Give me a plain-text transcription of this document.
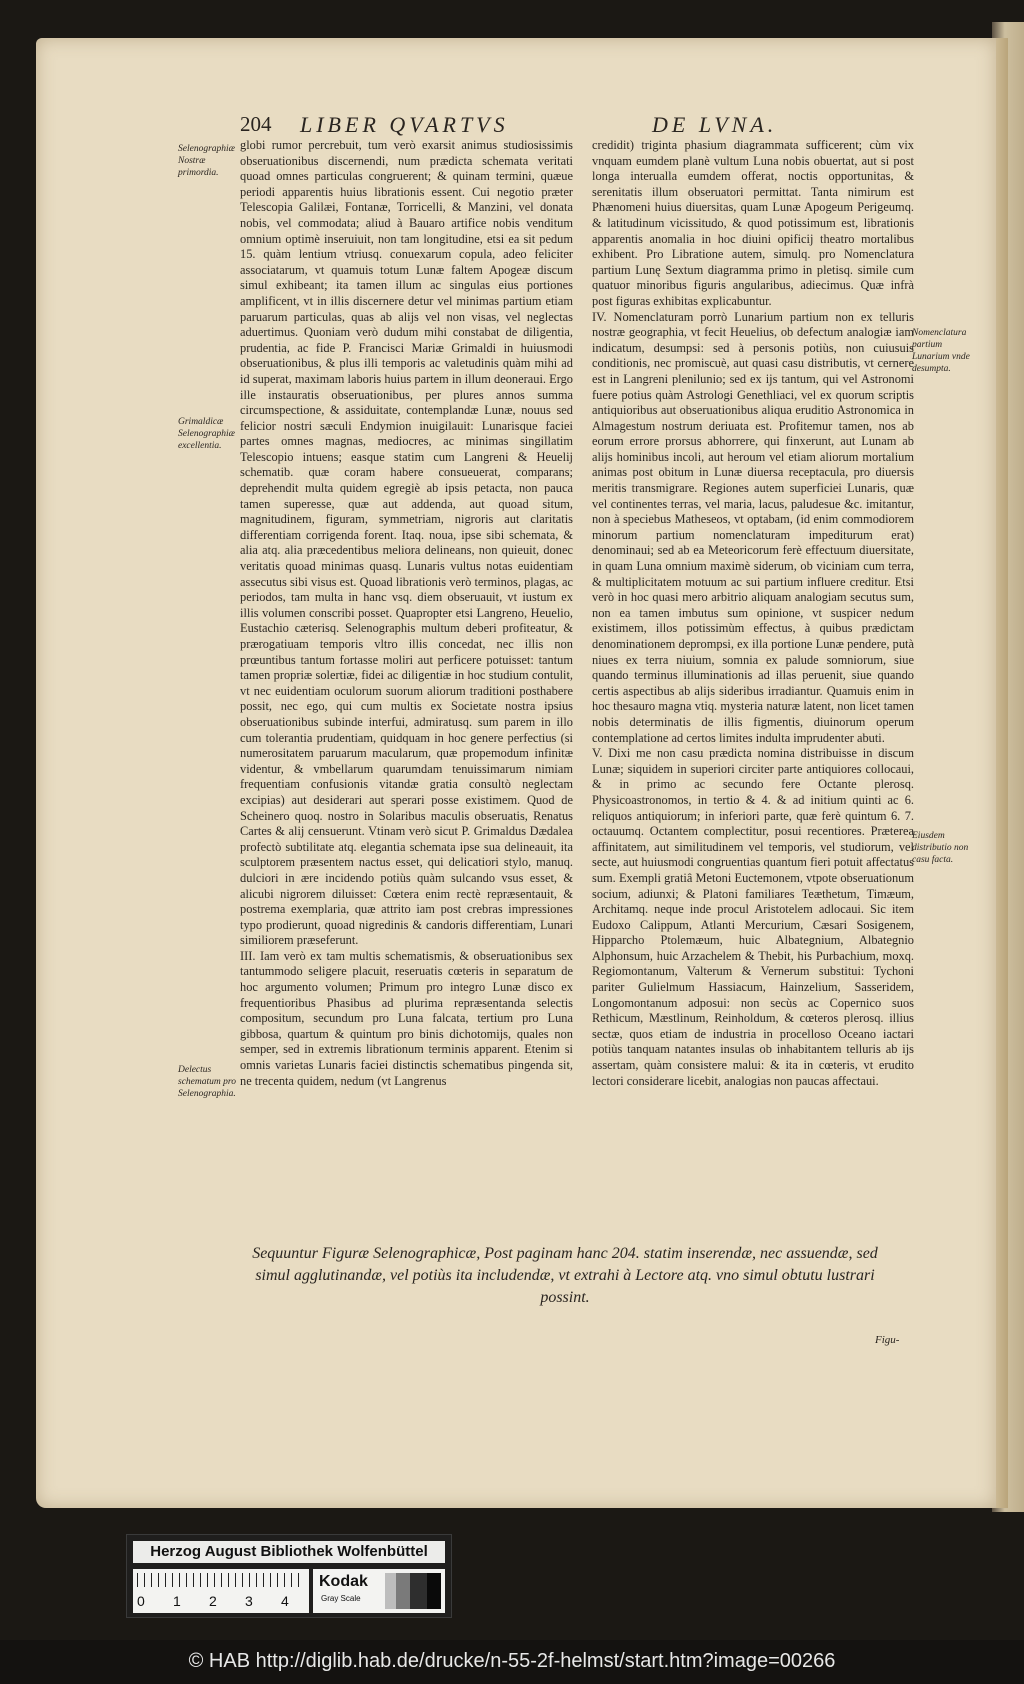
204 LIBER QVARTVS	DE LVNA.
Selenographiæ Nostræ primordia.
Grimaldicæ Selenographiæ excellentia.
Delectus schematum pro Selenographia.
Nomenclatura partium Lunarium vnde desumpta.
Eiusdem distributio non casu facta.

globi rumor percrebuit, tum verò exarsit animus studiosissimis obseruationibus discernendi, num prædicta schemata veritati quoad omnes particulas congruerent; & quinam termini, quæue periodi apparentis huius librationis essent. Cui negotio præter Telescopia Galilæi, Fontanæ, Torricelli, & Manzini, vel donata nobis, vel commodata; aliud à Bauaro artifice nobis venditum omnium optimè inseruiuit, non tam longitudine, etsi ea sit pedum 15. quàm lentium vtriusq. conuexarum copula, adeo feliciter associatarum, vt quamuis totum Lunæ faltem Apogeæ discum simul exhibeant; ita tamen illum ac singulas eius portiones amplificent, vt in illis discernere detur vel minimas partium etiam paruarum particulas, quas ab alijs vel non visas, vel neglectas aduertimus. Quoniam verò dudum mihi constabat de diligentia, prudentia, ac fide P. Francisci Mariæ Grimaldi in huiusmodi obseruationibus, & plus illi temporis ac valetudinis quàm mihi ad id superat, maximam laboris huius partem in illum deoneraui. Ergo ille instauratis obseruationibus, per plures annos summa circumspectione, & assiduitate, contemplandæ Lunæ, nouus sed felicior nostri sæculi Endymion inuigilauit: Lunarisque faciei partes omnes magnas, mediocres, ac minimas singillatim Telescopio intuens; easque statim cum Langreni & Heuelij schematib. quæ coram habere consueuerat, comparans; deprehendit multa quidem egregiè ab ipsis petacta, non pauca tamen superesse, quæ aut addenda, aut quoad situm, magnitudinem, figuram, symmetriam, nigroris aut claritatis differentiam corrigenda forent. Itaq. noua, ipse sibi schemata, & alia atq. alia præcedentibus meliora delineans, non quieuit, donec veritatis quoad minimas quasq. Lunaris vultus notas euidentiam assecutus sibi visus est. Quoad librationis verò terminos, plagas, ac periodos, tam multa in hanc vsq. diem obseruauit, vt iustum ex illis volumen conscribi posset. Quapropter etsi Langreno, Heuelio, Eustachio cæterisq. Selenographis multum deberi profiteatur, & prærogatiuam temporis vltro illis concedat, nec illis non prœuntibus tantum fortasse moliri aut perficere potuisset: tantum tamen propriæ solertiæ, fidei ac diligentiæ in hoc studium contulit, vt nec euidentiam oculorum suorum aliorum traditioni posthabere possit, nec ego, qui cum multis ex Societate nostra ipsius obseruationibus subinde interfui, admiratusq. sum parem in illo cum tolerantia prudentiam, quidquam in hoc genere perfectius (si numerositatem paruarum macularum, quæ propemodum infinitæ videntur, & vmbellarum quarumdam tenuissimarum nimiam frequentiam confusionis vitandæ gratia consultò neglectam excipias) aut desiderari aut sperari posse existimem. Quod de Scheinero quoq. nostro in Solaribus maculis obseruatis, Renatus Cartes & alij censuerunt. Vtinam verò sicut P. Grimaldus Dædalea profectò subtilitate atq. elegantia schemata ipse sua delineauit, ita sculptorem præsentem nactus esset, qui delicatiori stylo, manuq. dulciori in ære incidendo potiùs quàm sulcando vsus esset, & alicubi nigrorem diluisset: Cœtera enim rectè repræsentauit, & postrema exemplaria, quæ attrito iam post crebras impressiones typo prodierunt, quoad nigredinis & candoris differentiam, Lunari similiorem præseferunt.

III. Iam verò ex tam multis schematismis, & obseruationibus sex tantummodo seligere placuit, reseruatis cœteris in separatum de hoc argumento volumen; Primum pro integro Lunæ disco ex frequentioribus Phasibus ad plurima repræsentanda selectis compositum, secundum pro Luna falcata, tertium pro Luna gibbosa, quartum & quintum pro binis dichotomijs, quales non semper, sed in extremis librationum terminis apparent. Etenim si omnis varietas Lunaris faciei distinctis schematibus pingenda sit, ne trecenta quidem, nedum (vt Langrenus

credidit) triginta phasium diagrammata sufficerent; cùm vix vnquam eumdem planè vultum Luna nobis obuertat, aut si post longa interualla eumdem offerat, noctis opportunitas, & serenitatis illum obseruatori permittat. Tanta nimirum est Phænomeni huius diuersitas, quam Lunæ Apogeum Perigeumq. & latitudinum vicissitudo, & quod potissimum est, librationis apparentis anomalia in hoc diuini opificij theatro mortalibus exhibent. Pro Libratione autem, simulq. pro Nomenclatura partium Lunę Sextum diagramma primo in pletisq. simile cum quatuor minoribus figuris angularibus, adiecimus. Quæ infrà post figuras exhibitas explicabuntur.

IV. Nomenclaturam porrò Lunarium partium non ex telluris nostræ geographia, vt fecit Heuelius, ob defectum analogiæ iam indicatum, desumpsi: sed à personis potiùs, non cuiusuis conditionis, nec promiscuè, aut quasi casu distributis, vt cernere est in Langreni plenilunio; sed ex ijs tantum, qui vel Astronomi fuere potius quàm Astrologi Genethliaci, vel ex quorum scriptis antiquioribus aut obseruationibus aliqua eruditio Astronomica in Almagestum nostrum deriuata est. Profitemur tamen, nos ab eorum errore prorsus abhorrere, qui finxerunt, aut Lunam ab alijs hominibus incoli, aut heroum vel etiam aliorum mortalium animas post obitum in Lunæ diuersa receptacula, pro diuersis meritis transmigrare. Regiones autem superficiei Lunaris, quæ vel continentes terras, vel maria, lacus, paludesue &c. imitantur, non à speciebus Matheseos, vt optabam, (id enim commodiorem minorum partium nomenclaturam impediturum erat) denominaui; sed ab ea Meteoricorum ferè effectuum diuersitate, in quam Luna omnium maximè siderum, ob viciniam cum terra, & multiplicitatem motuum ac sui partium influere creditur. Etsi verò in hoc quasi mero arbitrio aliquam analogiam secutus sum, non ea tamen imbutus sum opinione, vt suspicer nedum existimem, illos potissimùm effectus, à quibus prædictam denominationem deprompsi, ex illa portione Lunæ pendere, putà niues ex terra niuium, somnia ex palude somniorum, siue quando terminus illuminationis ad illas peruenit, siue quando certis aspectibus ab alijs sideribus irradiantur. Quamuis enim in hoc thesauro magna vtiq. mysteria naturæ latent, non licet tamen nobis determinatis de illis figmentis, diuinorum operum contemplatione ad certos limites indulta imprudenter abuti.

V. Dixi me non casu prædicta nomina distribuisse in discum Lunæ; siquidem in superiori circiter parte antiquiores collocaui, & in primo ac secundo fere Octante plerosq. Physicoastronomos, in tertio & 4. & ad initium quinti ac 6. reliquos antiquiorum; in inferiori parte, quæ ferè quintum 6. 7. octauumq. Octantem complectitur, posui recentiores. Præterea affinitatem, aut similitudinem vel temporis, vel studiorum, vel secte, aut huiusmodi congruentias quantum fieri potuit affectatus sum. Exempli gratiâ Metoni Euctemonem, vtpote obseruationum socium, adiunxi; & Platoni familiares Teæthetum, Timæum, Architamq. neque inde procul Aristotelem adlocaui. Sic item Eudoxo Calippum, Atlanti Mercurium, Cæsari Sosigenem, Hipparcho Ptolemæum, huic Albategnium, Albategnio Alphonsum, huic Arzachelem & Thebit, his Purbachium, moxq. Regiomontanum, Valterum & Vernerum substitui: Tychoni pariter Gulielmum Hassiacum, Hainzelium, Sasseridem, Longomontanum adposui: non secùs ac Copernico suos Rethicum, Mæstlinum, Reinholdum, & cœteros plerosq. illius sectæ, quos etiam de industria in procelloso Oceano iactari potiùs tanquam natantes insulas ob inhabitantem telluris ab ijs assertam, quàm consistere malui: & ita in cœteris, vt erudito lectori considerare licebit, analogias non paucas affectaui.

Sequuntur Figuræ Selenographicæ, Post paginam hanc 204. statim inserendæ, nec assuendæ, sed simul agglutinandæ, vel potiùs ita includendæ, vt extrahi à Lectore atq. vno simul obtutu lustrari possint.
Figu-
Herzog August Bibliothek Wolfenbüttel
0 1 2 3 4
Kodak
Gray Scale
© HAB http://diglib.hab.de/drucke/n-55-2f-helmst/start.htm?image=00266
